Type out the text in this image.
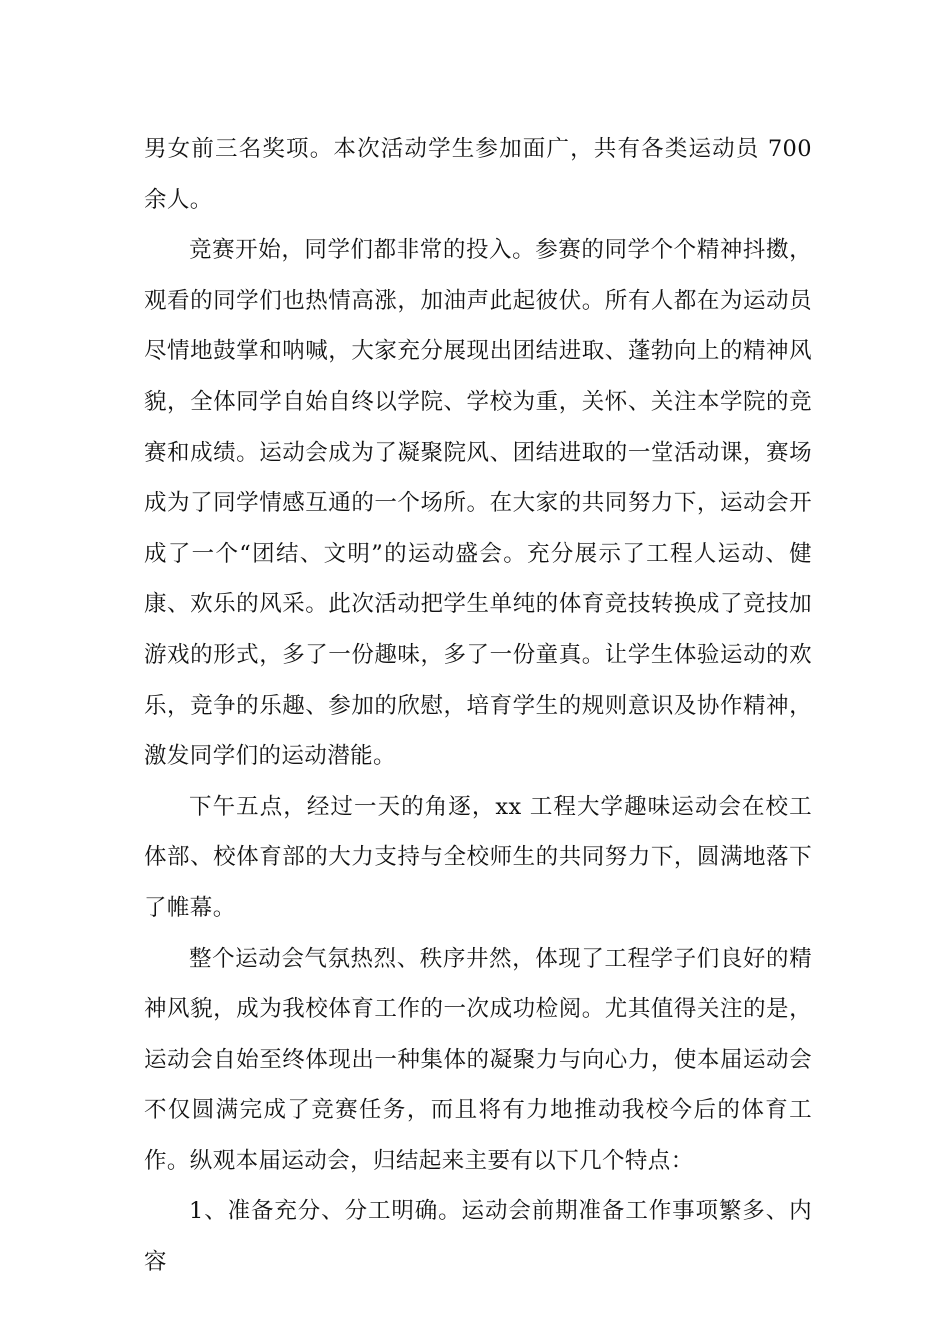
男女前三名奖项。本次活动学生参加面广，共有各类运动员 700 余人。

竞赛开始，同学们都非常的投入。参赛的同学个个精神抖擞，观看的同学们也热情高涨，加油声此起彼伏。所有人都在为运动员尽情地鼓掌和呐喊，大家充分展现出团结进取、蓬勃向上的精神风貌，全体同学自始自终以学院、学校为重，关怀、关注本学院的竞赛和成绩。运动会成为了凝聚院风、团结进取的一堂活动课，赛场成为了同学情感互通的一个场所。在大家的共同努力下，运动会开成了一个“团结、文明”的运动盛会。充分展示了工程人运动、健康、欢乐的风采。此次活动把学生单纯的体育竞技转换成了竞技加游戏的形式，多了一份趣味，多了一份童真。让学生体验运动的欢乐，竞争的乐趣、参加的欣慰，培育学生的规则意识及协作精神，激发同学们的运动潜能。

下午五点，经过一天的角逐，xx 工程大学趣味运动会在校工体部、校体育部的大力支持与全校师生的共同努力下，圆满地落下了帷幕。

整个运动会气氛热烈、秩序井然，体现了工程学子们良好的精神风貌，成为我校体育工作的一次成功检阅。尤其值得关注的是，运动会自始至终体现出一种集体的凝聚力与向心力，使本届运动会不仅圆满完成了竞赛任务，而且将有力地推动我校今后的体育工作。纵观本届运动会，归结起来主要有以下几个特点：

1、准备充分、分工明确。运动会前期准备工作事项繁多、内容
